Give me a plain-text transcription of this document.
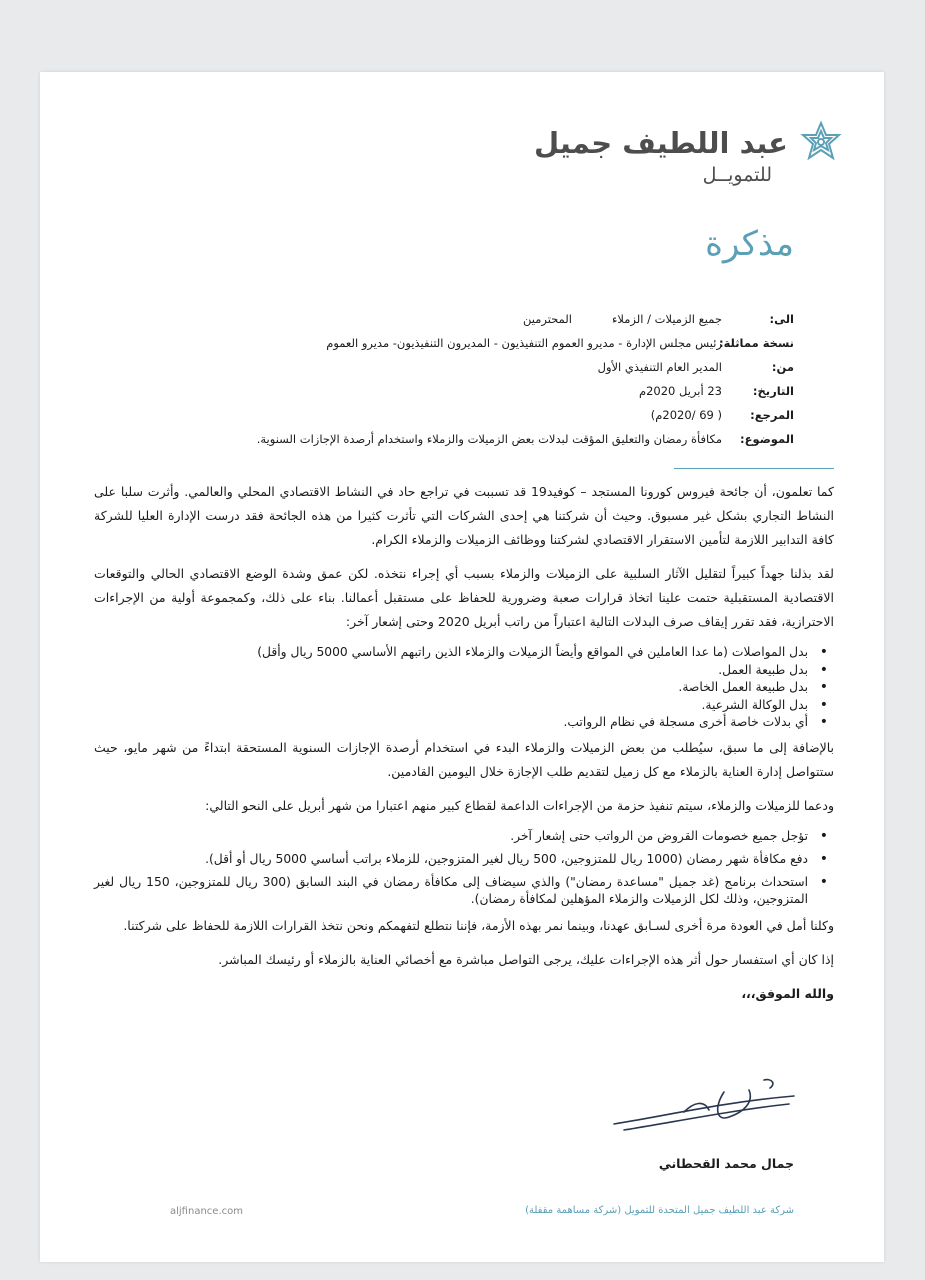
عبد اللطيف جميل
للتمويــل
مذكرة
الى:
جميع الزميلات / الزملاءالمحترمين
نسخة مماثلة:
رئيس مجلس الإدارة - مديرو العموم التنفيذيون - المديرون التنفيذيون- مديرو العموم
من:
المدير العام التنفيذي الأول
التاريخ:
23 أبريل 2020م
المرجع:
( 69 /2020م)
الموضوع:
مكافأة رمضان والتعليق المؤقت لبدلات بعض الزميلات والزملاء واستخدام أرصدة الإجازات السنوية.

كما تعلمون، أن جائحة فيروس كورونا المستجد – كوفيد19 قد تسببت في تراجع حاد في النشاط الاقتصادي المحلي والعالمي. وأثرت سلبا على النشاط التجاري بشكل غير مسبوق. وحيث أن شركتنا هي إحدى الشركات التي تأثرت كثيرا من هذه الجائحة فقد درست الإدارة العليا للشركة كافة التدابير اللازمة لتأمين الاستقرار الاقتصادي لشركتنا ووظائف الزميلات والزملاء الكرام.

لقد بذلنا جهداً كبيراً لتقليل الآثار السلبية على الزميلات والزملاء بسبب أي إجراء نتخذه. لكن عمق وشدة الوضع الاقتصادي الحالي والتوقعات الاقتصادية المستقبلية حتمت علينا اتخاذ قرارات صعبة وضرورية للحفاظ على مستقبل أعمالنا. بناء على ذلك، وكمجموعة أولية من الإجراءات الاحترازية، فقد تقرر إيقاف صرف البدلات التالية اعتباراً من راتب أبريل 2020 وحتى إشعار آخر:

• بدل المواصلات (ما عدا العاملين في المواقع وأيضاً الزميلات والزملاء الذين راتبهم الأساسي 5000 ريال وأقل)
• بدل طبيعة العمل.
• بدل طبيعة العمل الخاصة.
• بدل الوكالة الشرعية.
• أي بدلات خاصة أخرى مسجلة في نظام الرواتب.

بالإضافة إلى ما سبق، سيُطلب من بعض الزميلات والزملاء البدء في استخدام أرصدة الإجازات السنوية المستحقة ابتداءً من شهر مايو، حيث ستتواصل إدارة العناية بالزملاء مع كل زميل لتقديم طلب الإجازة خلال اليومين القادمين.

ودعما للزميلات والزملاء، سيتم تنفيذ حزمة من الإجراءات الداعمة لقطاع كبير منهم اعتبارا من شهر أبريل على النحو التالي:

• تؤجل جميع خصومات القروض من الرواتب حتى إشعار آخر.
• دفع مكافأة شهر رمضان (1000 ريال للمتزوجين، 500 ريال لغير المتزوجين، للزملاء براتب أساسي 5000 ريال أو أقل).
• استحداث برنامج (غد جميل "مساعدة رمضان") والذي سيضاف إلى مكافأة رمضان في البند السابق (300 ريال للمتزوجين، 150 ريال لغير المتزوجين، وذلك لكل الزميلات والزملاء المؤهلين لمكافأة رمضان).

وكلنا أمل في العودة مرة أخرى لسـابق عهدنا، وبينما نمر بهذه الأزمة، فإننا نتطلع لتفهمكم ونحن نتخذ القرارات اللازمة للحفاظ على شركتنا.

إذا كان أي استفسار حول أثر هذه الإجراءات عليك، يرجى التواصل مباشرة مع أخصائي العناية بالزملاء أو رئيسك المباشر.

والله الموفق،،،

جمال محمد القحطاني
شركة عبد اللطيف جميل المتحدة للتمويل (شركة مساهمة مقفلة)
aljfinance.com
